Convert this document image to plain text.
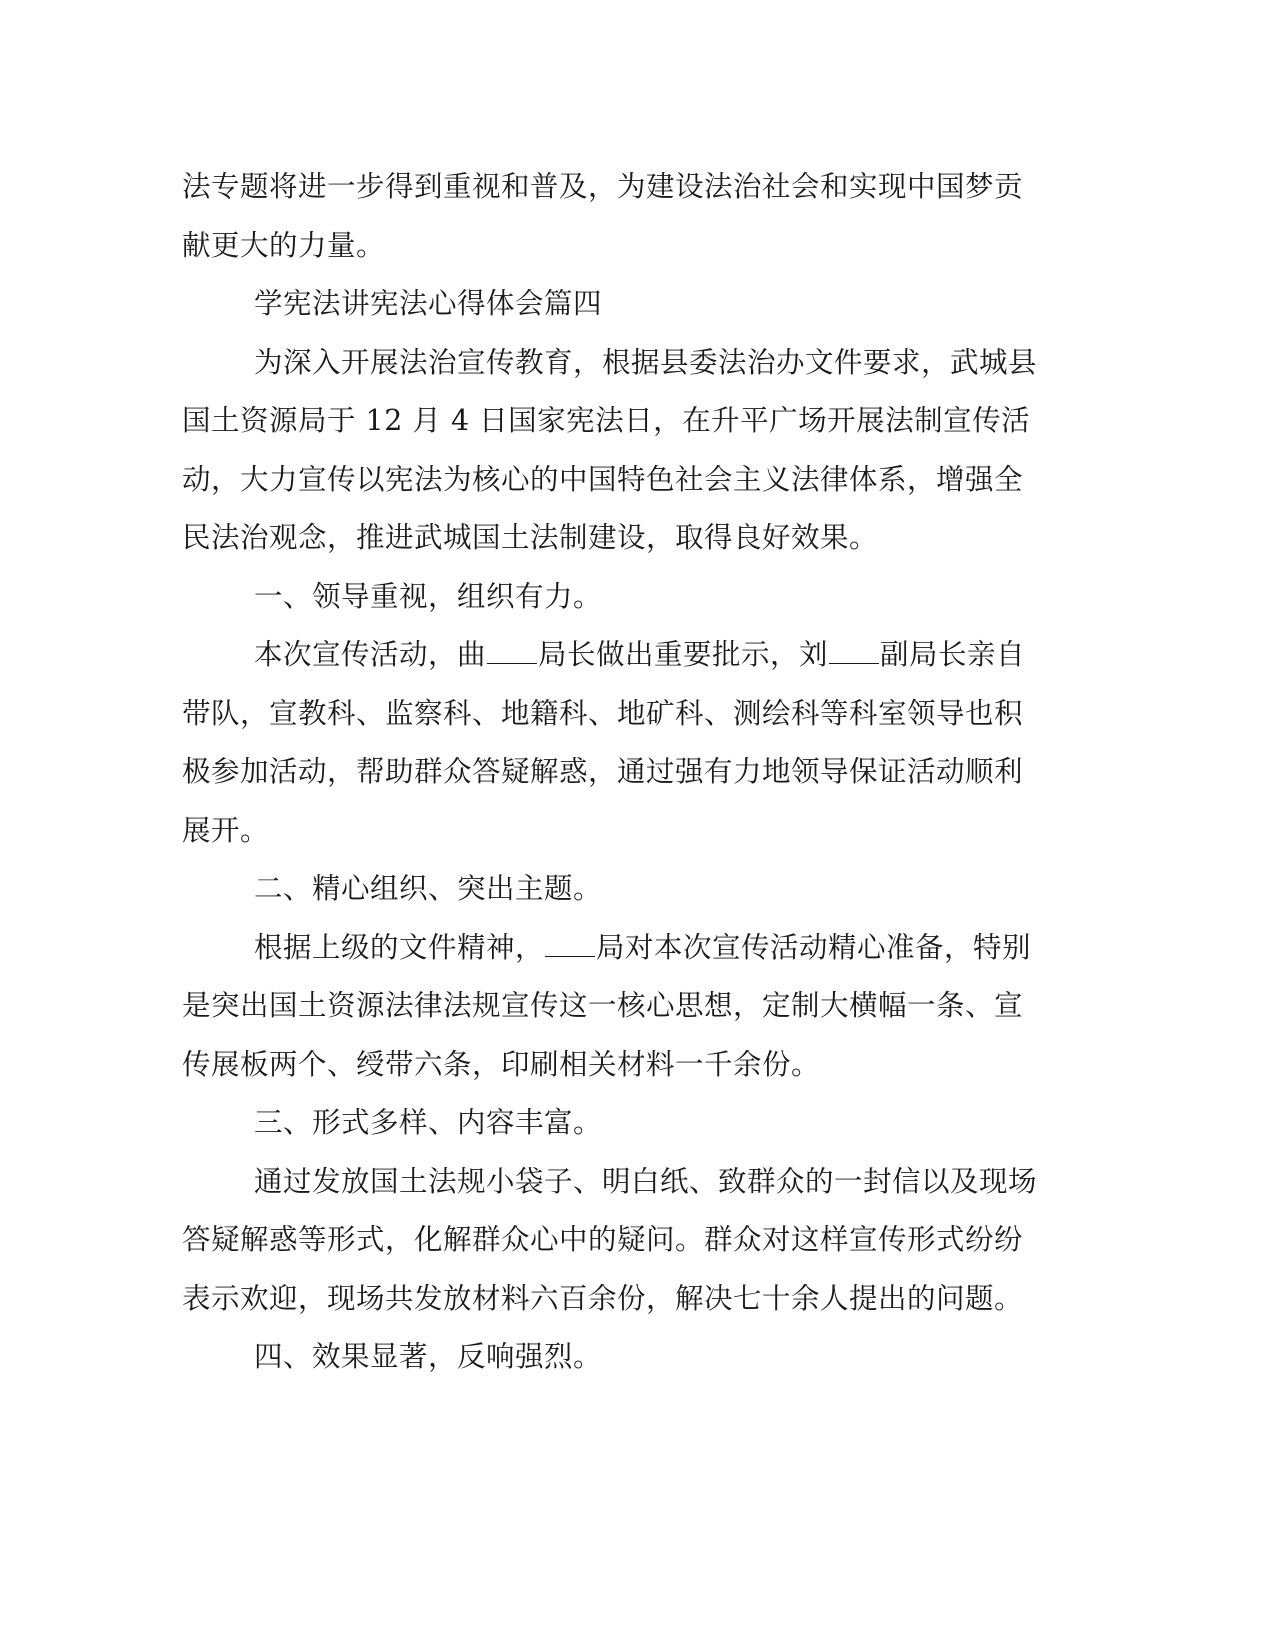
法专题将进一步得到重视和普及，为建设法治社会和实现中国梦贡献更大的力量。

学宪法讲宪法心得体会篇四

为深入开展法治宣传教育，根据县委法治办文件要求，武城县国土资源局于 12 月 4 日国家宪法日，在升平广场开展法制宣传活动，大力宣传以宪法为核心的中国特色社会主义法律体系，增强全民法治观念，推进武城国土法制建设，取得良好效果。

一、领导重视，组织有力。

本次宣传活动，曲 局长做出重要批示，刘 副局长亲自带队，宣教科、监察科、地籍科、地矿科、测绘科等科室领导也积极参加活动，帮助群众答疑解惑，通过强有力地领导保证活动顺利展开。

二、精心组织、突出主题。

根据上级的文件精神， 局对本次宣传活动精心准备，特别是突出国土资源法律法规宣传这一核心思想，定制大横幅一条、宣传展板两个、绶带六条，印刷相关材料一千余份。

三、形式多样、内容丰富。

通过发放国土法规小袋子、明白纸、致群众的一封信以及现场答疑解惑等形式，化解群众心中的疑问。群众对这样宣传形式纷纷表示欢迎，现场共发放材料六百余份，解决七十余人提出的问题。

四、效果显著，反响强烈。
